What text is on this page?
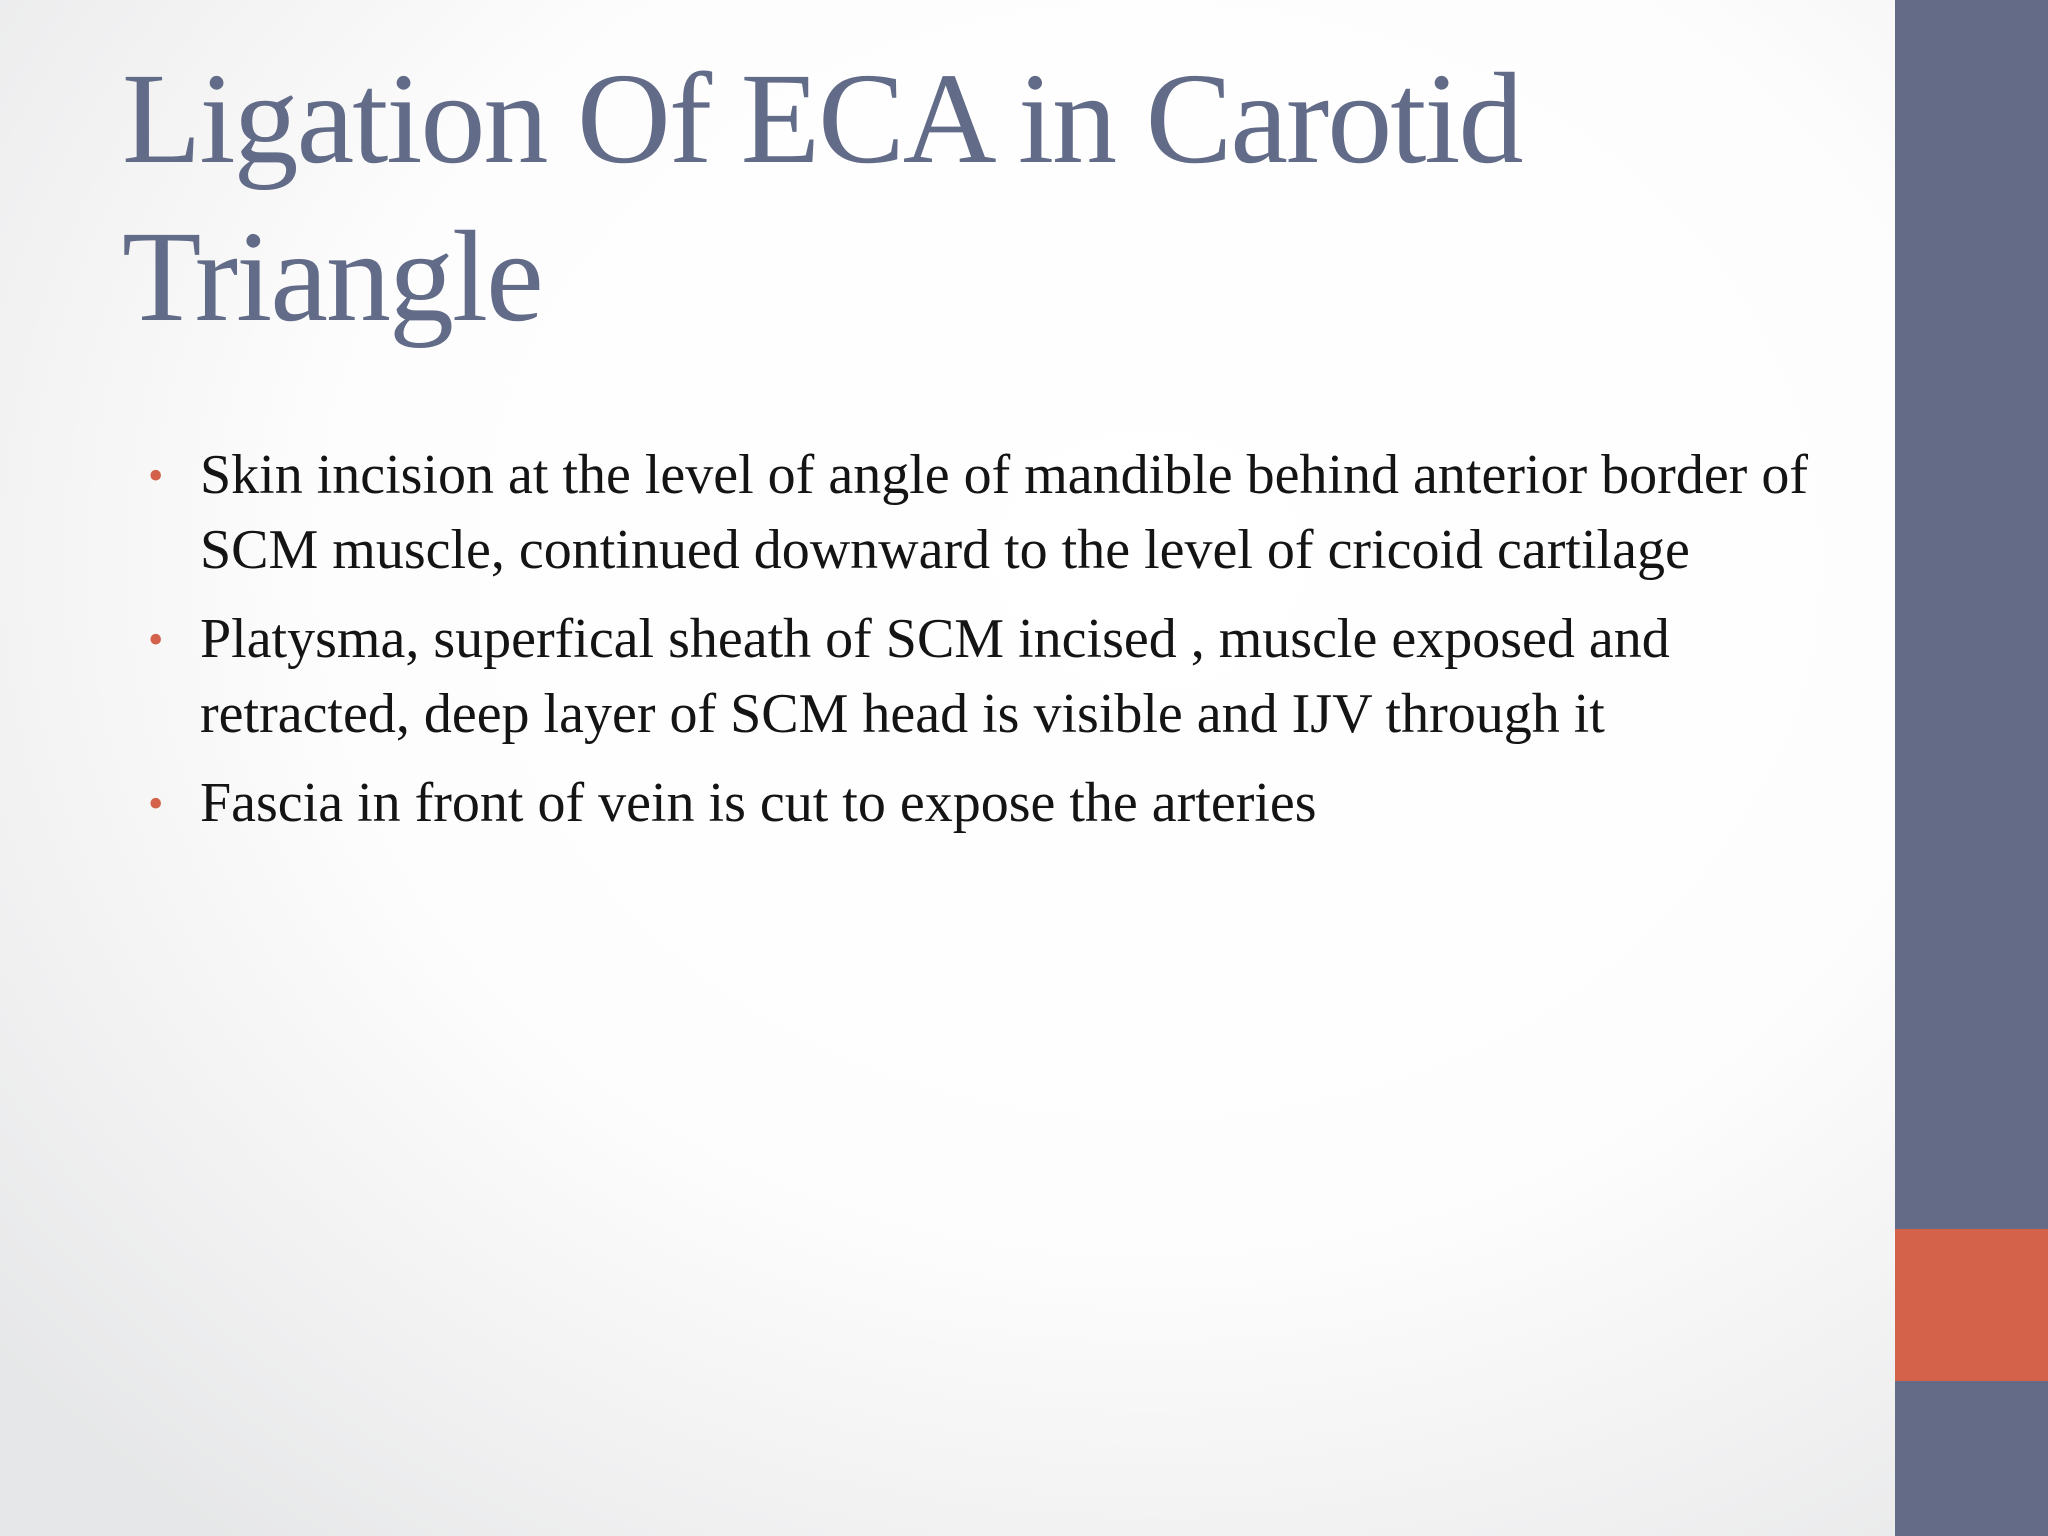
Ligation Of ECA in Carotid Triangle
• Skin incision at the level of angle of mandible behind anterior border of SCM muscle, continued downward to the level of cricoid cartilage
• Platysma, superfical sheath of SCM incised , muscle exposed and retracted, deep layer of SCM head is visible and IJV through it
• Fascia in front of vein is cut to expose the arteries
